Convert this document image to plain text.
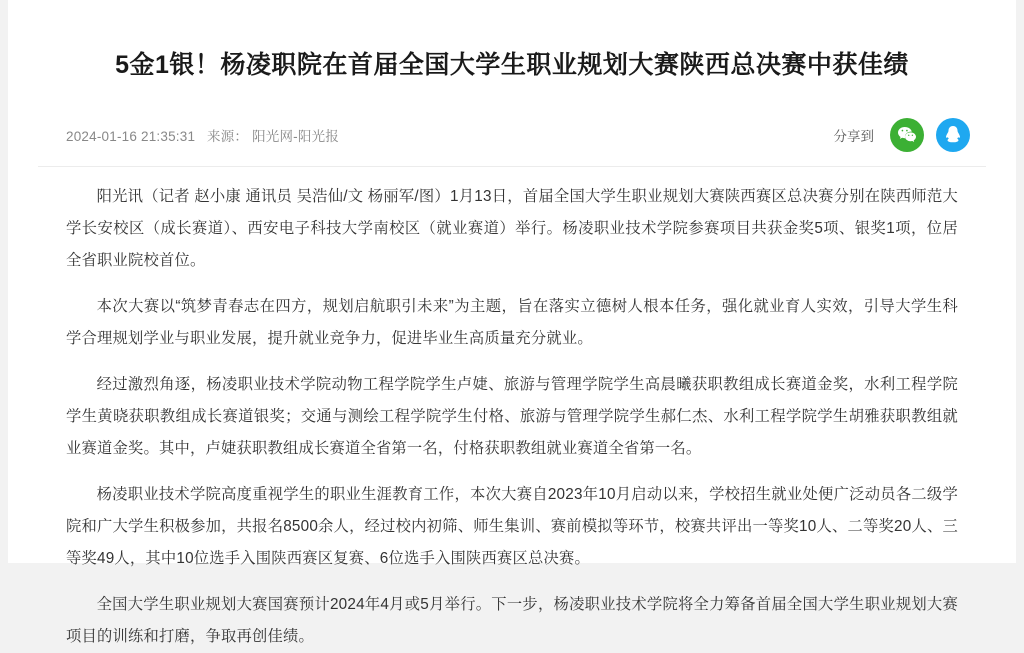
5金1银！杨凌职院在首届全国大学生职业规划大赛陕西总决赛中获佳绩
2024-01-16 21:35:31 来源： 阳光网-阳光报	分享到

阳光讯（记者 赵小康 通讯员 吴浩仙/文 杨丽军/图）1月13日，首届全国大学生职业规划大赛陕西赛区总决赛分别在陕西师范大学长安校区（成长赛道）、西安电子科技大学南校区（就业赛道）举行。杨凌职业技术学院参赛项目共获金奖5项、银奖1项，位居全省职业院校首位。

本次大赛以“筑梦青春志在四方，规划启航职引未来”为主题，旨在落实立德树人根本任务，强化就业育人实效，引导大学生科学合理规划学业与职业发展，提升就业竞争力，促进毕业生高质量充分就业。

经过激烈角逐，杨凌职业技术学院动物工程学院学生卢婕、旅游与管理学院学生高晨曦获职教组成长赛道金奖，水利工程学院学生黄晓获职教组成长赛道银奖；交通与测绘工程学院学生付格、旅游与管理学院学生郝仁杰、水利工程学院学生胡雅获职教组就业赛道金奖。其中，卢婕获职教组成长赛道全省第一名，付格获职教组就业赛道全省第一名。

杨凌职业技术学院高度重视学生的职业生涯教育工作，本次大赛自2023年10月启动以来，学校招生就业处便广泛动员各二级学院和广大学生积极参加，共报名8500余人，经过校内初筛、师生集训、赛前模拟等环节，校赛共评出一等奖10人、二等奖20人、三等奖49人，其中10位选手入围陕西赛区复赛、6位选手入围陕西赛区总决赛。

全国大学生职业规划大赛国赛预计2024年4月或5月举行。下一步，杨凌职业技术学院将全力筹备首届全国大学生职业规划大赛项目的训练和打磨，争取再创佳绩。
